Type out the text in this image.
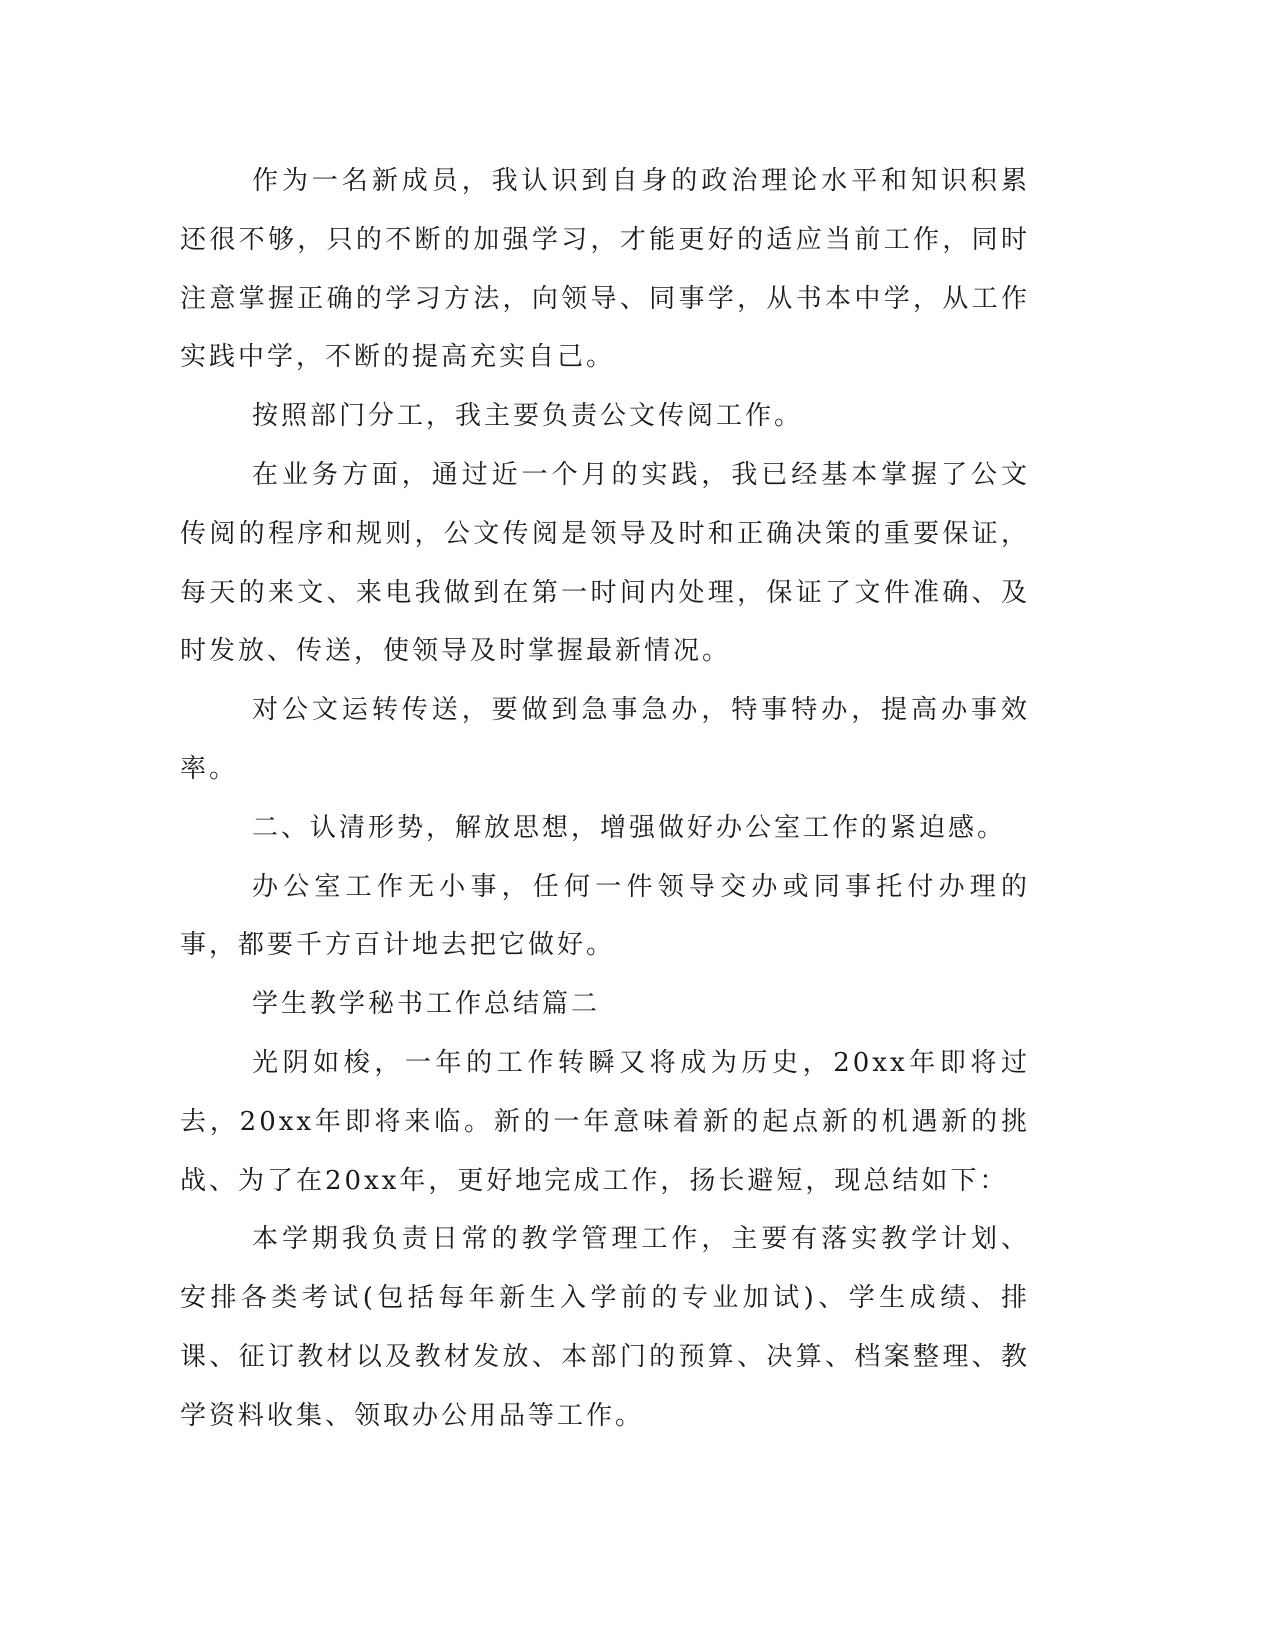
作为一名新成员，我认识到自身的政治理论水平和知识积累还很不够，只的不断的加强学习，才能更好的适应当前工作，同时注意掌握正确的学习方法，向领导、同事学，从书本中学，从工作实践中学，不断的提高充实自己。

按照部门分工，我主要负责公文传阅工作。

在业务方面，通过近一个月的实践，我已经基本掌握了公文传阅的程序和规则，公文传阅是领导及时和正确决策的重要保证，每天的来文、来电我做到在第一时间内处理，保证了文件准确、及时发放、传送，使领导及时掌握最新情况。

对公文运转传送，要做到急事急办，特事特办，提高办事效率。

二、认清形势，解放思想，增强做好办公室工作的紧迫感。

办公室工作无小事，任何一件领导交办或同事托付办理的事，都要千方百计地去把它做好。

学生教学秘书工作总结篇二

光阴如梭，一年的工作转瞬又将成为历史，20xx年即将过去，20xx年即将来临。新的一年意味着新的起点新的机遇新的挑战、为了在20xx年，更好地完成工作，扬长避短，现总结如下：

本学期我负责日常的教学管理工作，主要有落实教学计划、安排各类考试(包括每年新生入学前的专业加试)、学生成绩、排课、征订教材以及教材发放、本部门的预算、决算、档案整理、教学资料收集、领取办公用品等工作。
